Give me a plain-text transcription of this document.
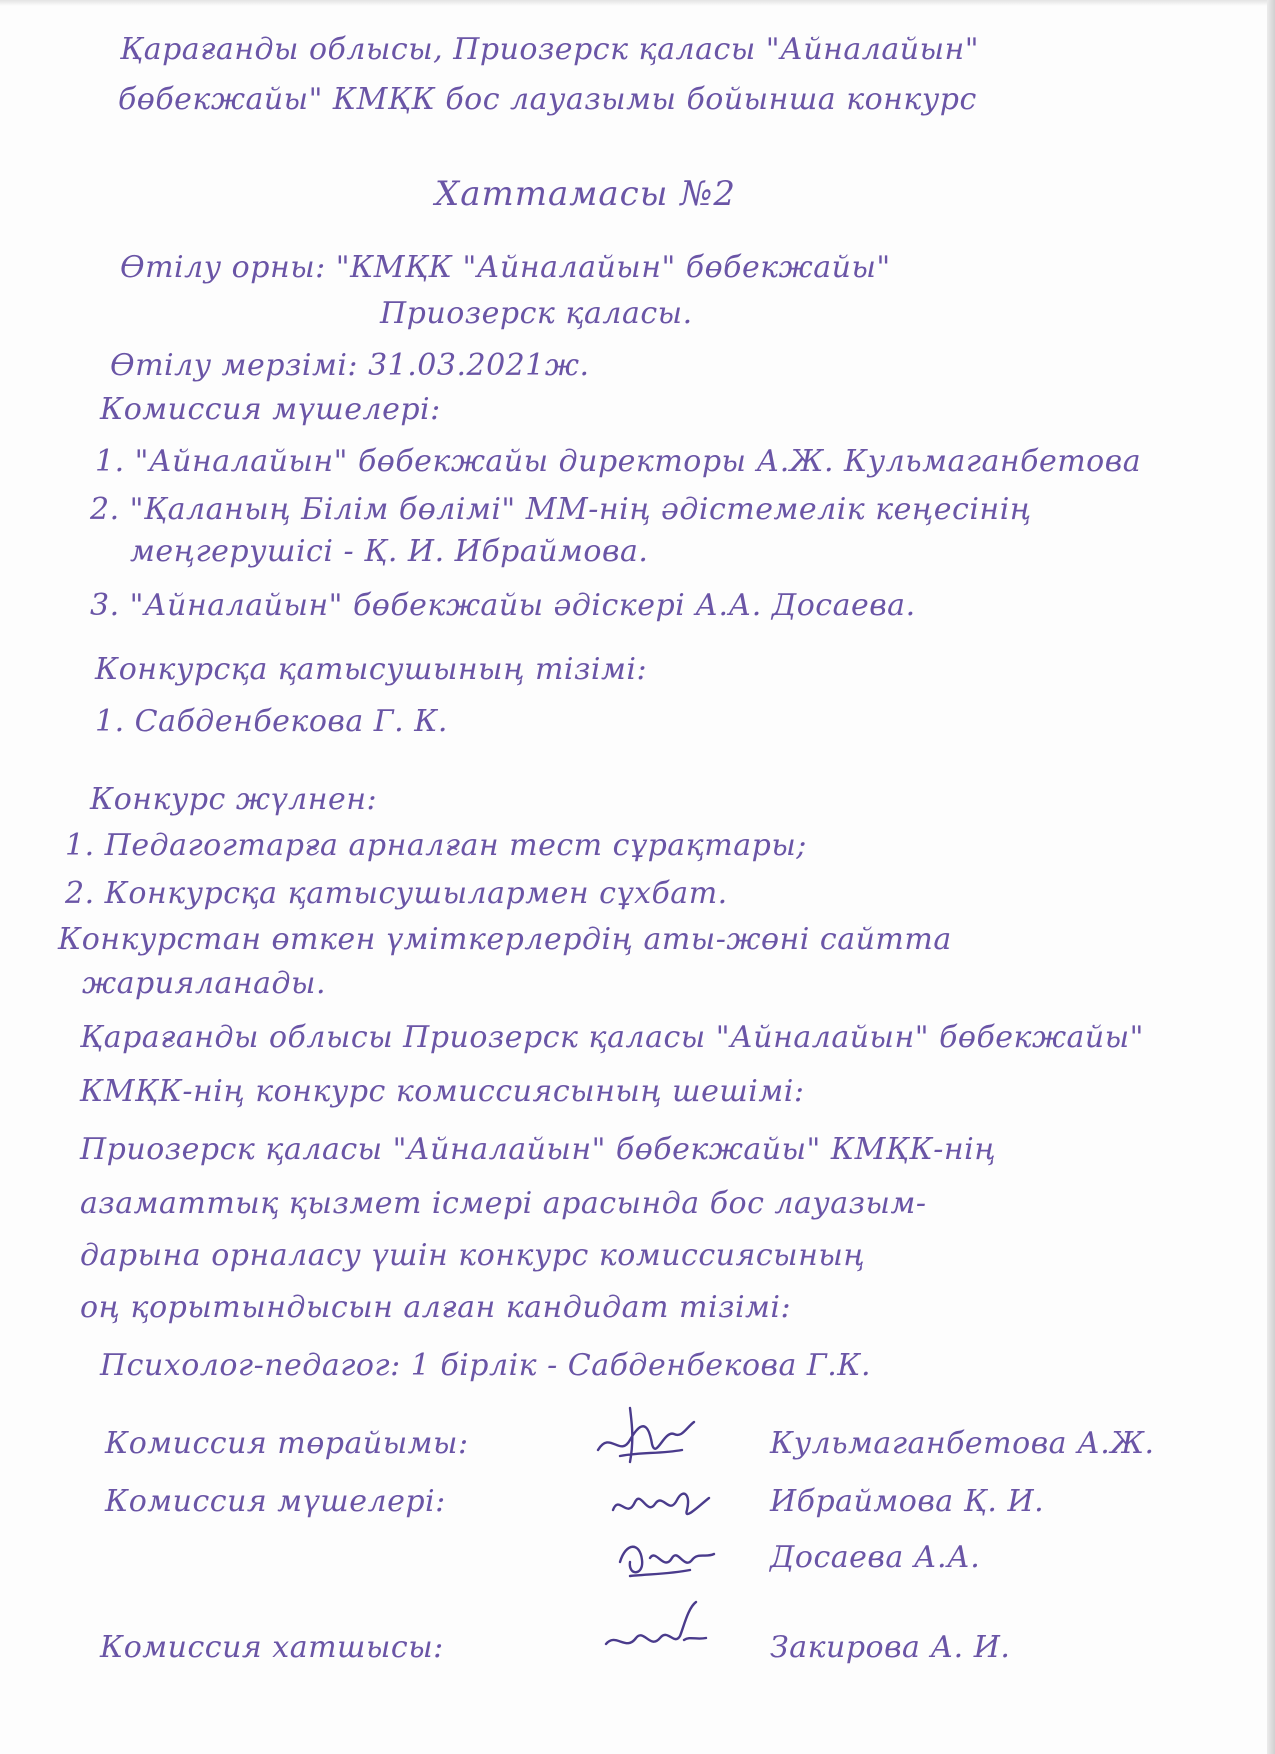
Қарағанды облысы, Приозерск қаласы "Айналайын"
бөбекжайы" КМҚК бос лауазымы бойынша конкурс
Хаттамасы №2
Өтілу орны: "КМҚК "Айналайын" бөбекжайы"
Приозерск қаласы.
Өтілу мерзімі: 31.03.2021ж.
Комиссия мүшелері:
1. "Айналайын" бөбекжайы директоры А.Ж. Кульмаганбетова
2. "Қаланың Білім бөлімі" ММ-нің әдістемелік кеңесінің
меңгерушісі - Қ. И. Ибраймова.
3. "Айналайын" бөбекжайы әдіскері А.А. Досаева.
Конкурсқа қатысушының тізімі:
1. Сабденбекова Г. К.
Конкурс жүлнен:
1. Педагогтарға арналған тест сұрақтары;
2. Конкурсқа қатысушылармен сұхбат.
Конкурстан өткен үміткерлердің аты-жөні сайтта
жарияланады.
Қарағанды облысы Приозерск қаласы "Айналайын" бөбекжайы"
КМҚК-нің конкурс комиссиясының шешімі:
Приозерск қаласы "Айналайын" бөбекжайы" КМҚК-нің
азаматтық қызмет ісмері арасында бос лауазым-
дарына орналасу үшін конкурс комиссиясының
оң қорытындысын алған кандидат тізімі:
Психолог-педагог: 1 бірлік - Сабденбекова Г.К.
Комиссия төрайымы:	Кульмаганбетова А.Ж.
Комиссия мүшелері:	Ибраймова Қ. И.
Досаева А.А.
Комиссия хатшысы:	Закирова А. И.
